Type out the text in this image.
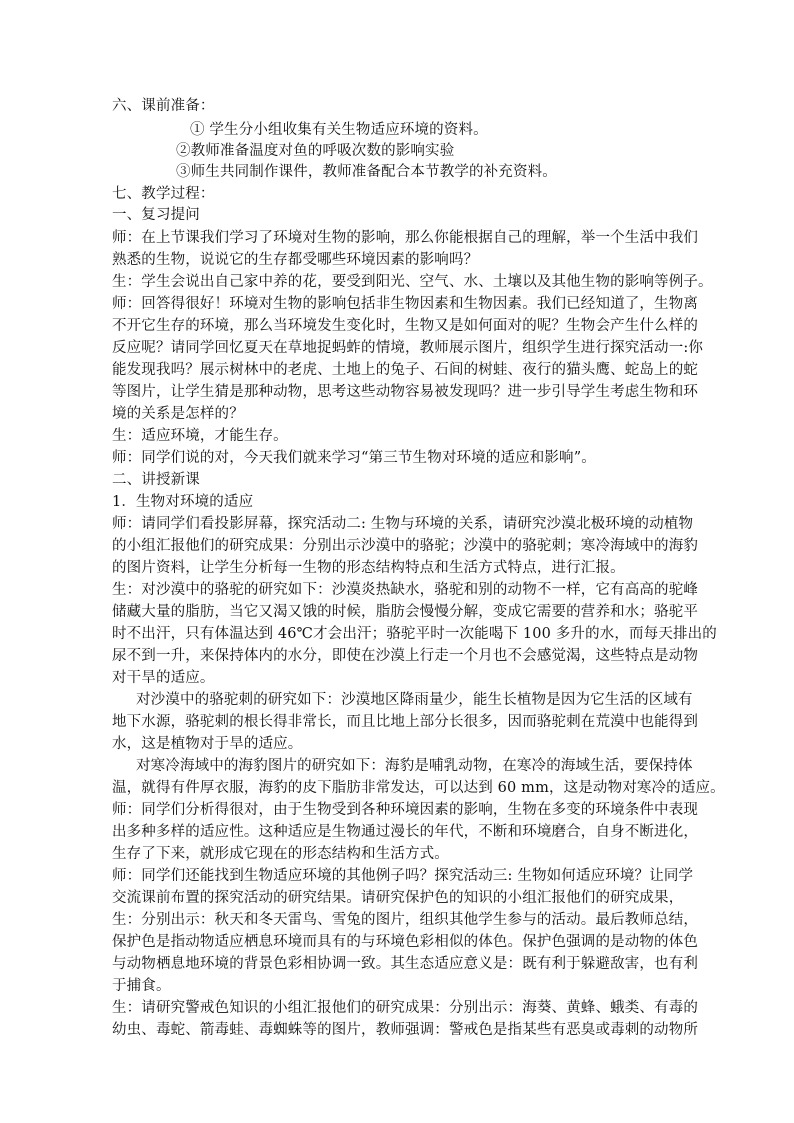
六、课前准备：
① 学生分小组收集有关生物适应环境的资料。
②教师准备温度对鱼的呼吸次数的影响实验
③师生共同制作课件，教师准备配合本节教学的补充资料。
七、教学过程：
一、复习提问
师：在上节课我们学习了环境对生物的影响，那么你能根据自己的理解，举一个生活中我们
熟悉的生物，说说它的生存都受哪些环境因素的影响吗？
生：学生会说出自己家中养的花，要受到阳光、空气、水、土壤以及其他生物的影响等例子。
师：回答得很好！环境对生物的影响包括非生物因素和生物因素。我们已经知道了，生物离
不开它生存的环境，那么当环境发生变化时，生物又是如何面对的呢？生物会产生什么样的
反应呢？请同学回忆夏天在草地捉蚂蚱的情境，教师展示图片，组织学生进行探究活动一:你
能发现我吗？展示树林中的老虎、土地上的兔子、石间的树蛙、夜行的猫头鹰、蛇岛上的蛇
等图片，让学生猜是那种动物，思考这些动物容易被发现吗？进一步引导学生考虑生物和环
境的关系是怎样的？
生：适应环境，才能生存。
师：同学们说的对，今天我们就来学习“第三节生物对环境的适应和影响”。
二、讲授新课
1．生物对环境的适应
师：请同学们看投影屏幕，探究活动二: 生物与环境的关系，请研究沙漠北极环境的动植物
的小组汇报他们的研究成果：分别出示沙漠中的骆驼；沙漠中的骆驼刺；寒冷海域中的海豹
的图片资料，让学生分析每一生物的形态结构特点和生活方式特点，进行汇报。
生：对沙漠中的骆驼的研究如下：沙漠炎热缺水，骆驼和别的动物不一样，它有高高的驼峰
储藏大量的脂肪，当它又渴又饿的时候，脂肪会慢慢分解，变成它需要的营养和水；骆驼平
时不出汗，只有体温达到 46℃才会出汗；骆驼平时一次能喝下 100 多升的水，而每天排出的
尿不到一升，来保持体内的水分，即使在沙漠上行走一个月也不会感觉渴，这些特点是动物
对干旱的适应。
对沙漠中的骆驼刺的研究如下：沙漠地区降雨量少，能生长植物是因为它生活的区域有
地下水源，骆驼刺的根长得非常长，而且比地上部分长很多，因而骆驼刺在荒漠中也能得到
水，这是植物对于旱的适应。
对寒冷海域中的海豹图片的研究如下：海豹是哺乳动物，在寒冷的海域生活，要保持体
温，就得有件厚衣服，海豹的皮下脂肪非常发达，可以达到 60 mm，这是动物对寒冷的适应。
师：同学们分析得很对，由于生物受到各种环境因素的影响，生物在多变的环境条件中表现
出多种多样的适应性。这种适应是生物通过漫长的年代，不断和环境磨合，自身不断进化，
生存了下来，就形成它现在的形态结构和生活方式。
师：同学们还能找到生物适应环境的其他例子吗？探究活动三: 生物如何适应环境？让同学
交流课前布置的探究活动的研究结果。请研究保护色的知识的小组汇报他们的研究成果，
生：分别出示：秋天和冬天雷鸟、雪兔的图片，组织其他学生参与的活动。最后教师总结，
保护色是指动物适应栖息环境而具有的与环境色彩相似的体色。保护色强调的是动物的体色
与动物栖息地环境的背景色彩相协调一致。其生态适应意义是：既有利于躲避敌害，也有利
于捕食。
生：请研究警戒色知识的小组汇报他们的研究成果：分别出示：海葵、黄蜂、蛾类、有毒的
幼虫、毒蛇、箭毒蛙、毒蜘蛛等的图片，教师强调：警戒色是指某些有恶臭或毒刺的动物所
